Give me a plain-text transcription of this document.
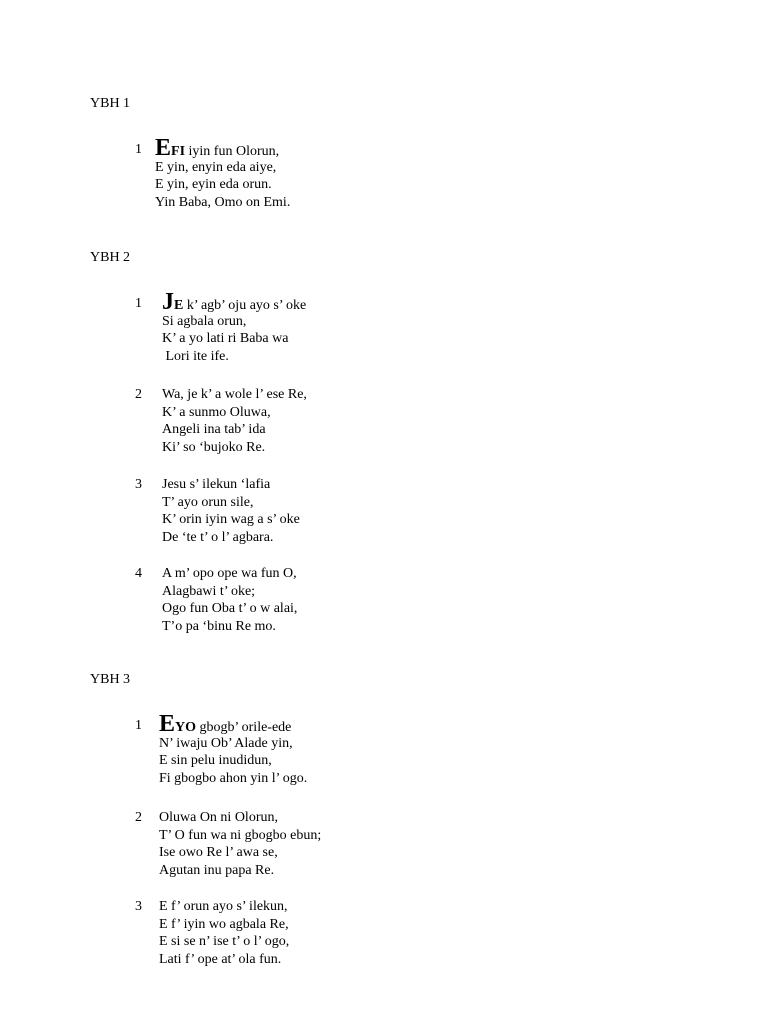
YBH 1
1 EFI iyin fun Olorun,
E yin, enyin eda aiye,
E yin, eyin eda orun.
Yin Baba, Omo on Emi.
YBH 2
1 JE k’ agb’ oju ayo s’ oke
Si agbala orun,
K’ a yo lati ri Baba wa
Lori ite ife.
2	Wa, je k’ a wole l’ ese Re,
K’ a sunmo Oluwa,
Angeli ina tab’ ida
Ki’ so ‘bujoko Re.
3	Jesu s’ ilekun ‘lafia
T’ ayo orun sile,
K’ orin iyin wag a s’ oke
De ‘te t’ o l’ agbara.
4	A m’ opo ope wa fun O,
Alagbawi t’ oke;
Ogo fun Oba t’ o w alai,
T’o pa ‘binu Re mo.
YBH 3
1 EYO gbogb’ orile-ede
N’ iwaju Ob’ Alade yin,
E sin pelu inudidun,
Fi gbogbo ahon yin l’ ogo.
2	Oluwa On ni Olorun,
T’ O fun wa ni gbogbo ebun;
Ise owo Re l’ awa se,
Agutan inu papa Re.
3	E f’ orun ayo s’ ilekun,
E f’ iyin wo agbala Re,
E si se n’ ise t’ o l’ ogo,
Lati f’ ope at’ ola fun.
